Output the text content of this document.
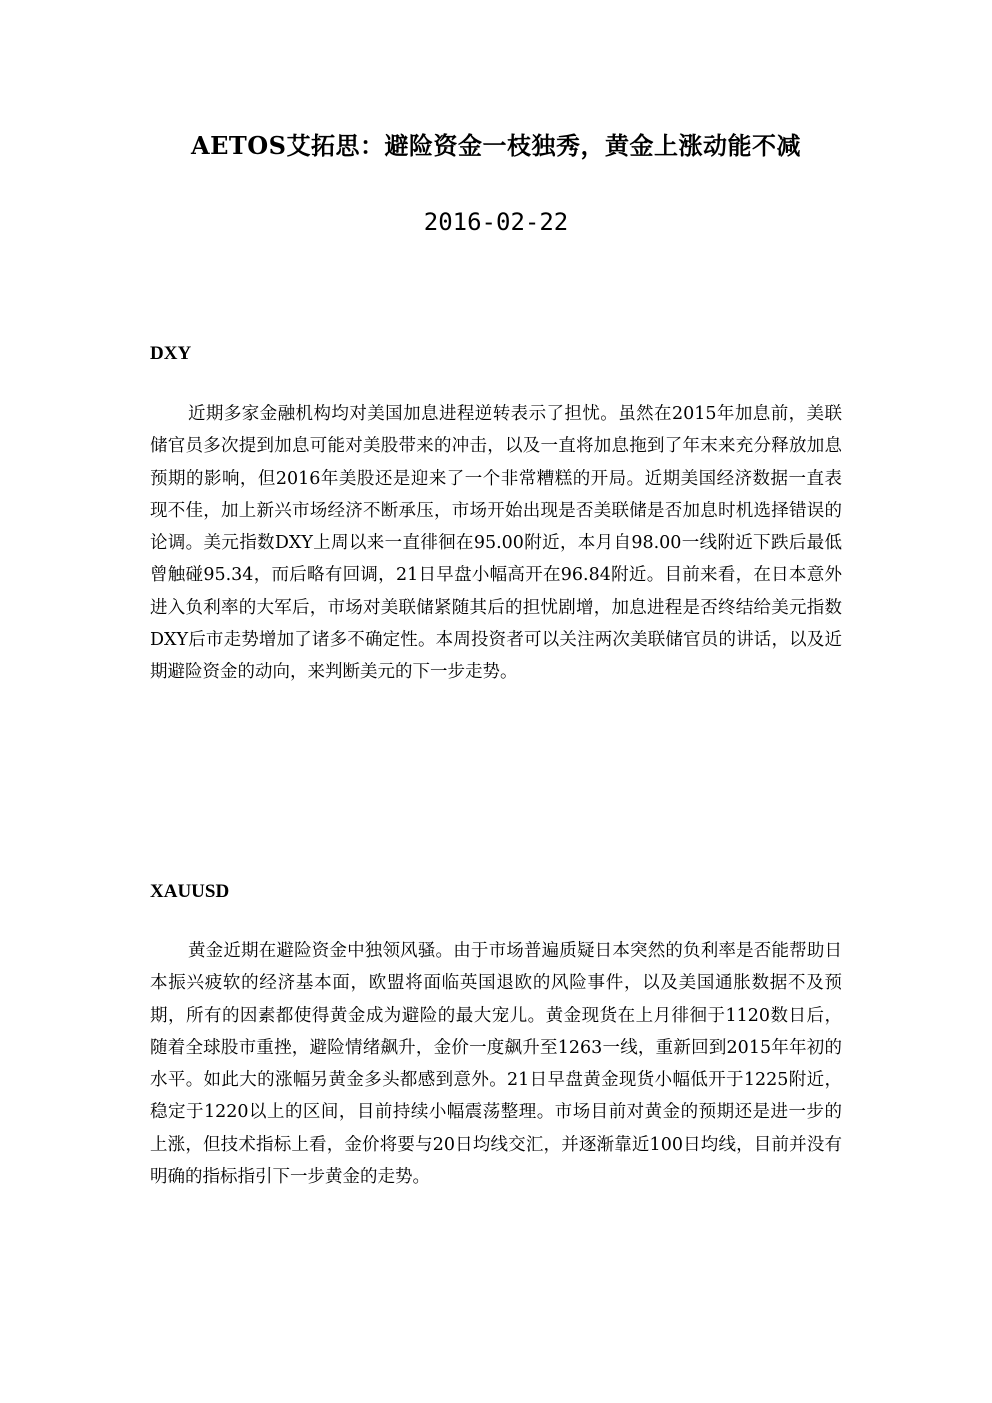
AETOS艾拓思：避险资金一枝独秀，黄金上涨动能不减
2016-02-22
DXY

近期多家金融机构均对美国加息进程逆转表示了担忧。虽然在2015年加息前，美联储官员多次提到加息可能对美股带来的冲击，以及一直将加息拖到了年末来充分释放加息预期的影响，但2016年美股还是迎来了一个非常糟糕的开局。近期美国经济数据一直表现不佳，加上新兴市场经济不断承压，市场开始出现是否美联储是否加息时机选择错误的论调。美元指数DXY上周以来一直徘徊在95.00附近，本月自98.00一线附近下跌后最低曾触碰95.34，而后略有回调，21日早盘小幅高开在96.84附近。目前来看，在日本意外进入负利率的大军后，市场对美联储紧随其后的担忧剧增，加息进程是否终结给美元指数DXY后市走势增加了诸多不确定性。本周投资者可以关注两次美联储官员的讲话，以及近期避险资金的动向，来判断美元的下一步走势。

XAUUSD

黄金近期在避险资金中独领风骚。由于市场普遍质疑日本突然的负利率是否能帮助日本振兴疲软的经济基本面，欧盟将面临英国退欧的风险事件，以及美国通胀数据不及预期，所有的因素都使得黄金成为避险的最大宠儿。黄金现货在上月徘徊于1120数日后，随着全球股市重挫，避险情绪飙升，金价一度飙升至1263一线，重新回到2015年年初的水平。如此大的涨幅另黄金多头都感到意外。21日早盘黄金现货小幅低开于1225附近，稳定于1220以上的区间，目前持续小幅震荡整理。市场目前对黄金的预期还是进一步的上涨，但技术指标上看，金价将要与20日均线交汇，并逐渐靠近100日均线，目前并没有明确的指标指引下一步黄金的走势。
